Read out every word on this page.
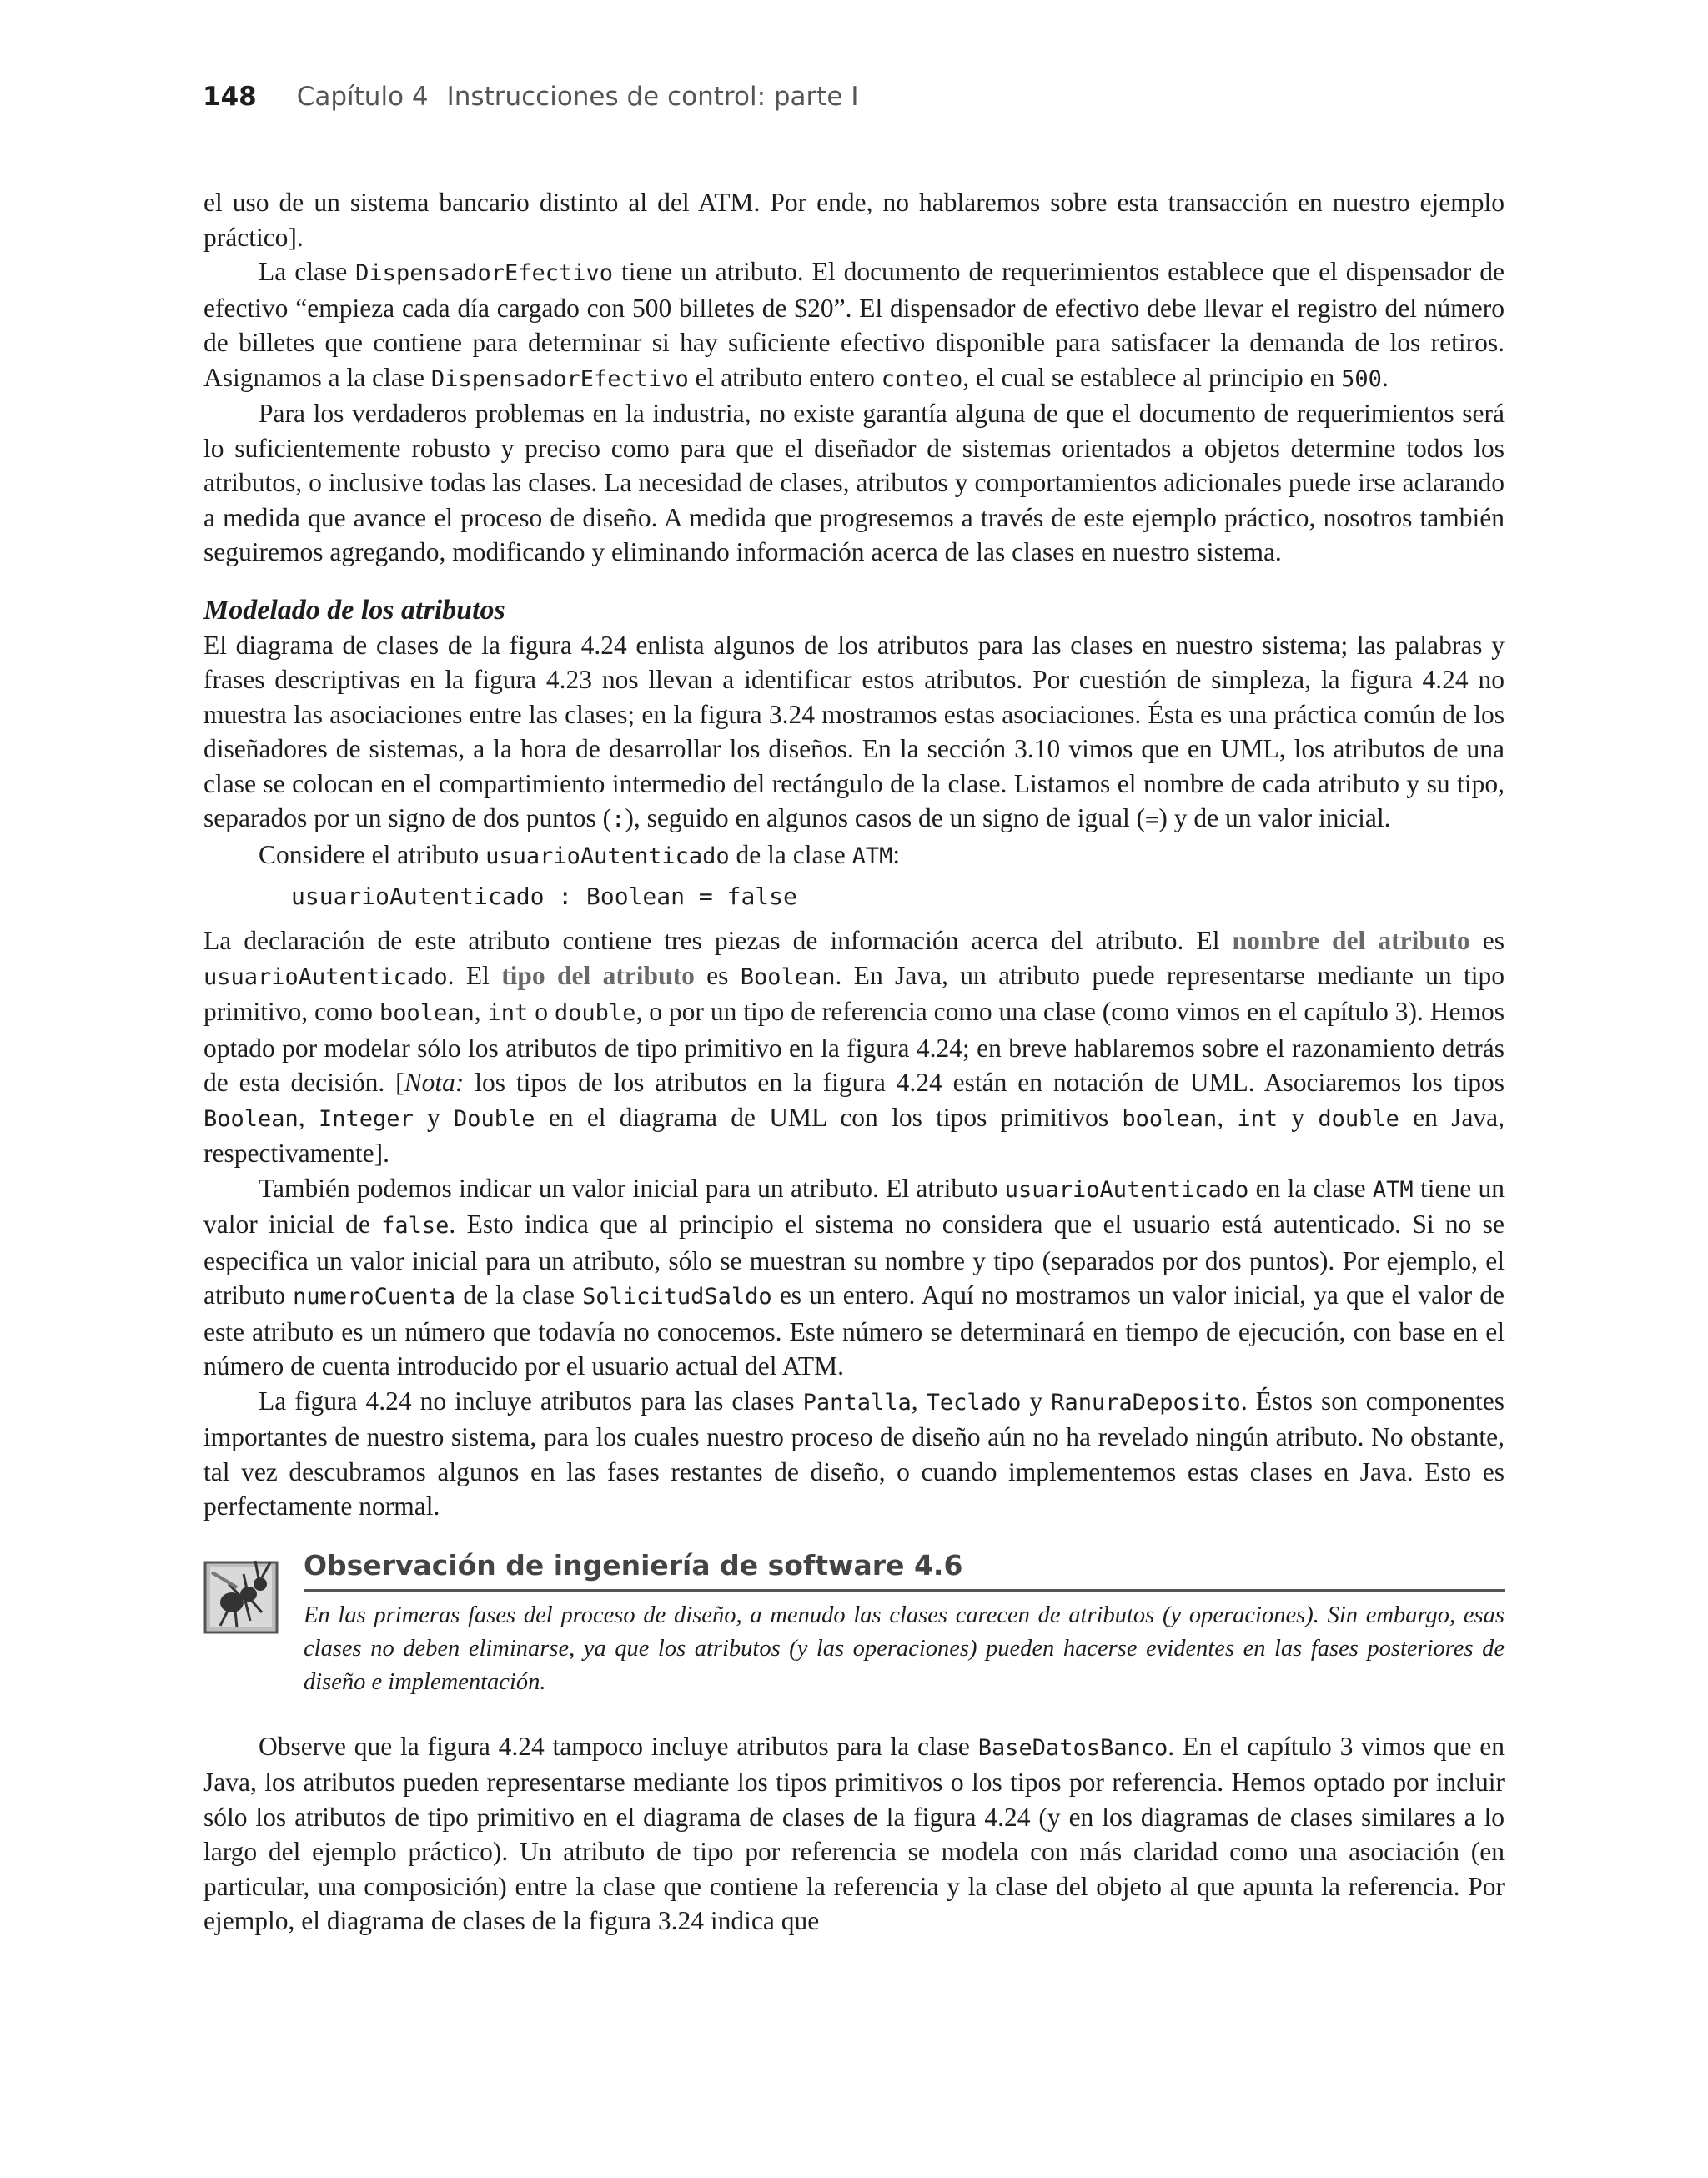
148 Capítulo 4 Instrucciones de control: parte I

el uso de un sistema bancario distinto al del ATM. Por ende, no hablaremos sobre esta transacción en nuestro ejemplo práctico].

La clase DispensadorEfectivo tiene un atributo. El documento de requerimientos establece que el dispensador de efectivo “empieza cada día cargado con 500 billetes de $20”. El dispensador de efectivo debe llevar el registro del número de billetes que contiene para determinar si hay suficiente efectivo disponible para satisfacer la demanda de los retiros. Asignamos a la clase DispensadorEfectivo el atributo entero conteo, el cual se establece al principio en 500.

Para los verdaderos problemas en la industria, no existe garantía alguna de que el documento de requerimientos será lo suficientemente robusto y preciso como para que el diseñador de sistemas orientados a objetos determine todos los atributos, o inclusive todas las clases. La necesidad de clases, atributos y comportamientos adicionales puede irse aclarando a medida que avance el proceso de diseño. A medida que progresemos a través de este ejemplo práctico, nosotros también seguiremos agregando, modificando y eliminando información acerca de las clases en nuestro sistema.

Modelado de los atributos

El diagrama de clases de la figura 4.24 enlista algunos de los atributos para las clases en nuestro sistema; las palabras y frases descriptivas en la figura 4.23 nos llevan a identificar estos atributos. Por cuestión de simpleza, la figura 4.24 no muestra las asociaciones entre las clases; en la figura 3.24 mostramos estas asociaciones. Ésta es una práctica común de los diseñadores de sistemas, a la hora de desarrollar los diseños. En la sección 3.10 vimos que en UML, los atributos de una clase se colocan en el compartimiento intermedio del rectángulo de la clase. Listamos el nombre de cada atributo y su tipo, separados por un signo de dos puntos (:), seguido en algunos casos de un signo de igual (=) y de un valor inicial.

Considere el atributo usuarioAutenticado de la clase ATM:

usuarioAutenticado : Boolean = false

La declaración de este atributo contiene tres piezas de información acerca del atributo. El nombre del atributo es usuarioAutenticado. El tipo del atributo es Boolean. En Java, un atributo puede representarse mediante un tipo primitivo, como boolean, int o double, o por un tipo de referencia como una clase (como vimos en el capítulo 3). Hemos optado por modelar sólo los atributos de tipo primitivo en la figura 4.24; en breve hablaremos sobre el razonamiento detrás de esta decisión. [Nota: los tipos de los atributos en la figura 4.24 están en notación de UML. Asociaremos los tipos Boolean, Integer y Double en el diagrama de UML con los tipos primitivos boolean, int y double en Java, respectivamente].

También podemos indicar un valor inicial para un atributo. El atributo usuarioAutenticado en la clase ATM tiene un valor inicial de false. Esto indica que al principio el sistema no considera que el usuario está autenticado. Si no se especifica un valor inicial para un atributo, sólo se muestran su nombre y tipo (separados por dos puntos). Por ejemplo, el atributo numeroCuenta de la clase SolicitudSaldo es un entero. Aquí no mostramos un valor inicial, ya que el valor de este atributo es un número que todavía no conocemos. Este número se determinará en tiempo de ejecución, con base en el número de cuenta introducido por el usuario actual del ATM.

La figura 4.24 no incluye atributos para las clases Pantalla, Teclado y RanuraDeposito. Éstos son componentes importantes de nuestro sistema, para los cuales nuestro proceso de diseño aún no ha revelado ningún atributo. No obstante, tal vez descubramos algunos en las fases restantes de diseño, o cuando implementemos estas clases en Java. Esto es perfectamente normal.

Observación de ingeniería de software 4.6
En las primeras fases del proceso de diseño, a menudo las clases carecen de atributos (y operaciones). Sin embargo, esas clases no deben eliminarse, ya que los atributos (y las operaciones) pueden hacerse evidentes en las fases posteriores de diseño e implementación.

Observe que la figura 4.24 tampoco incluye atributos para la clase BaseDatosBanco. En el capítulo 3 vimos que en Java, los atributos pueden representarse mediante los tipos primitivos o los tipos por referencia. Hemos optado por incluir sólo los atributos de tipo primitivo en el diagrama de clases de la figura 4.24 (y en los diagramas de clases similares a lo largo del ejemplo práctico). Un atributo de tipo por referencia se modela con más claridad como una asociación (en particular, una composición) entre la clase que contiene la referencia y la clase del objeto al que apunta la referencia. Por ejemplo, el diagrama de clases de la figura 3.24 indica que
